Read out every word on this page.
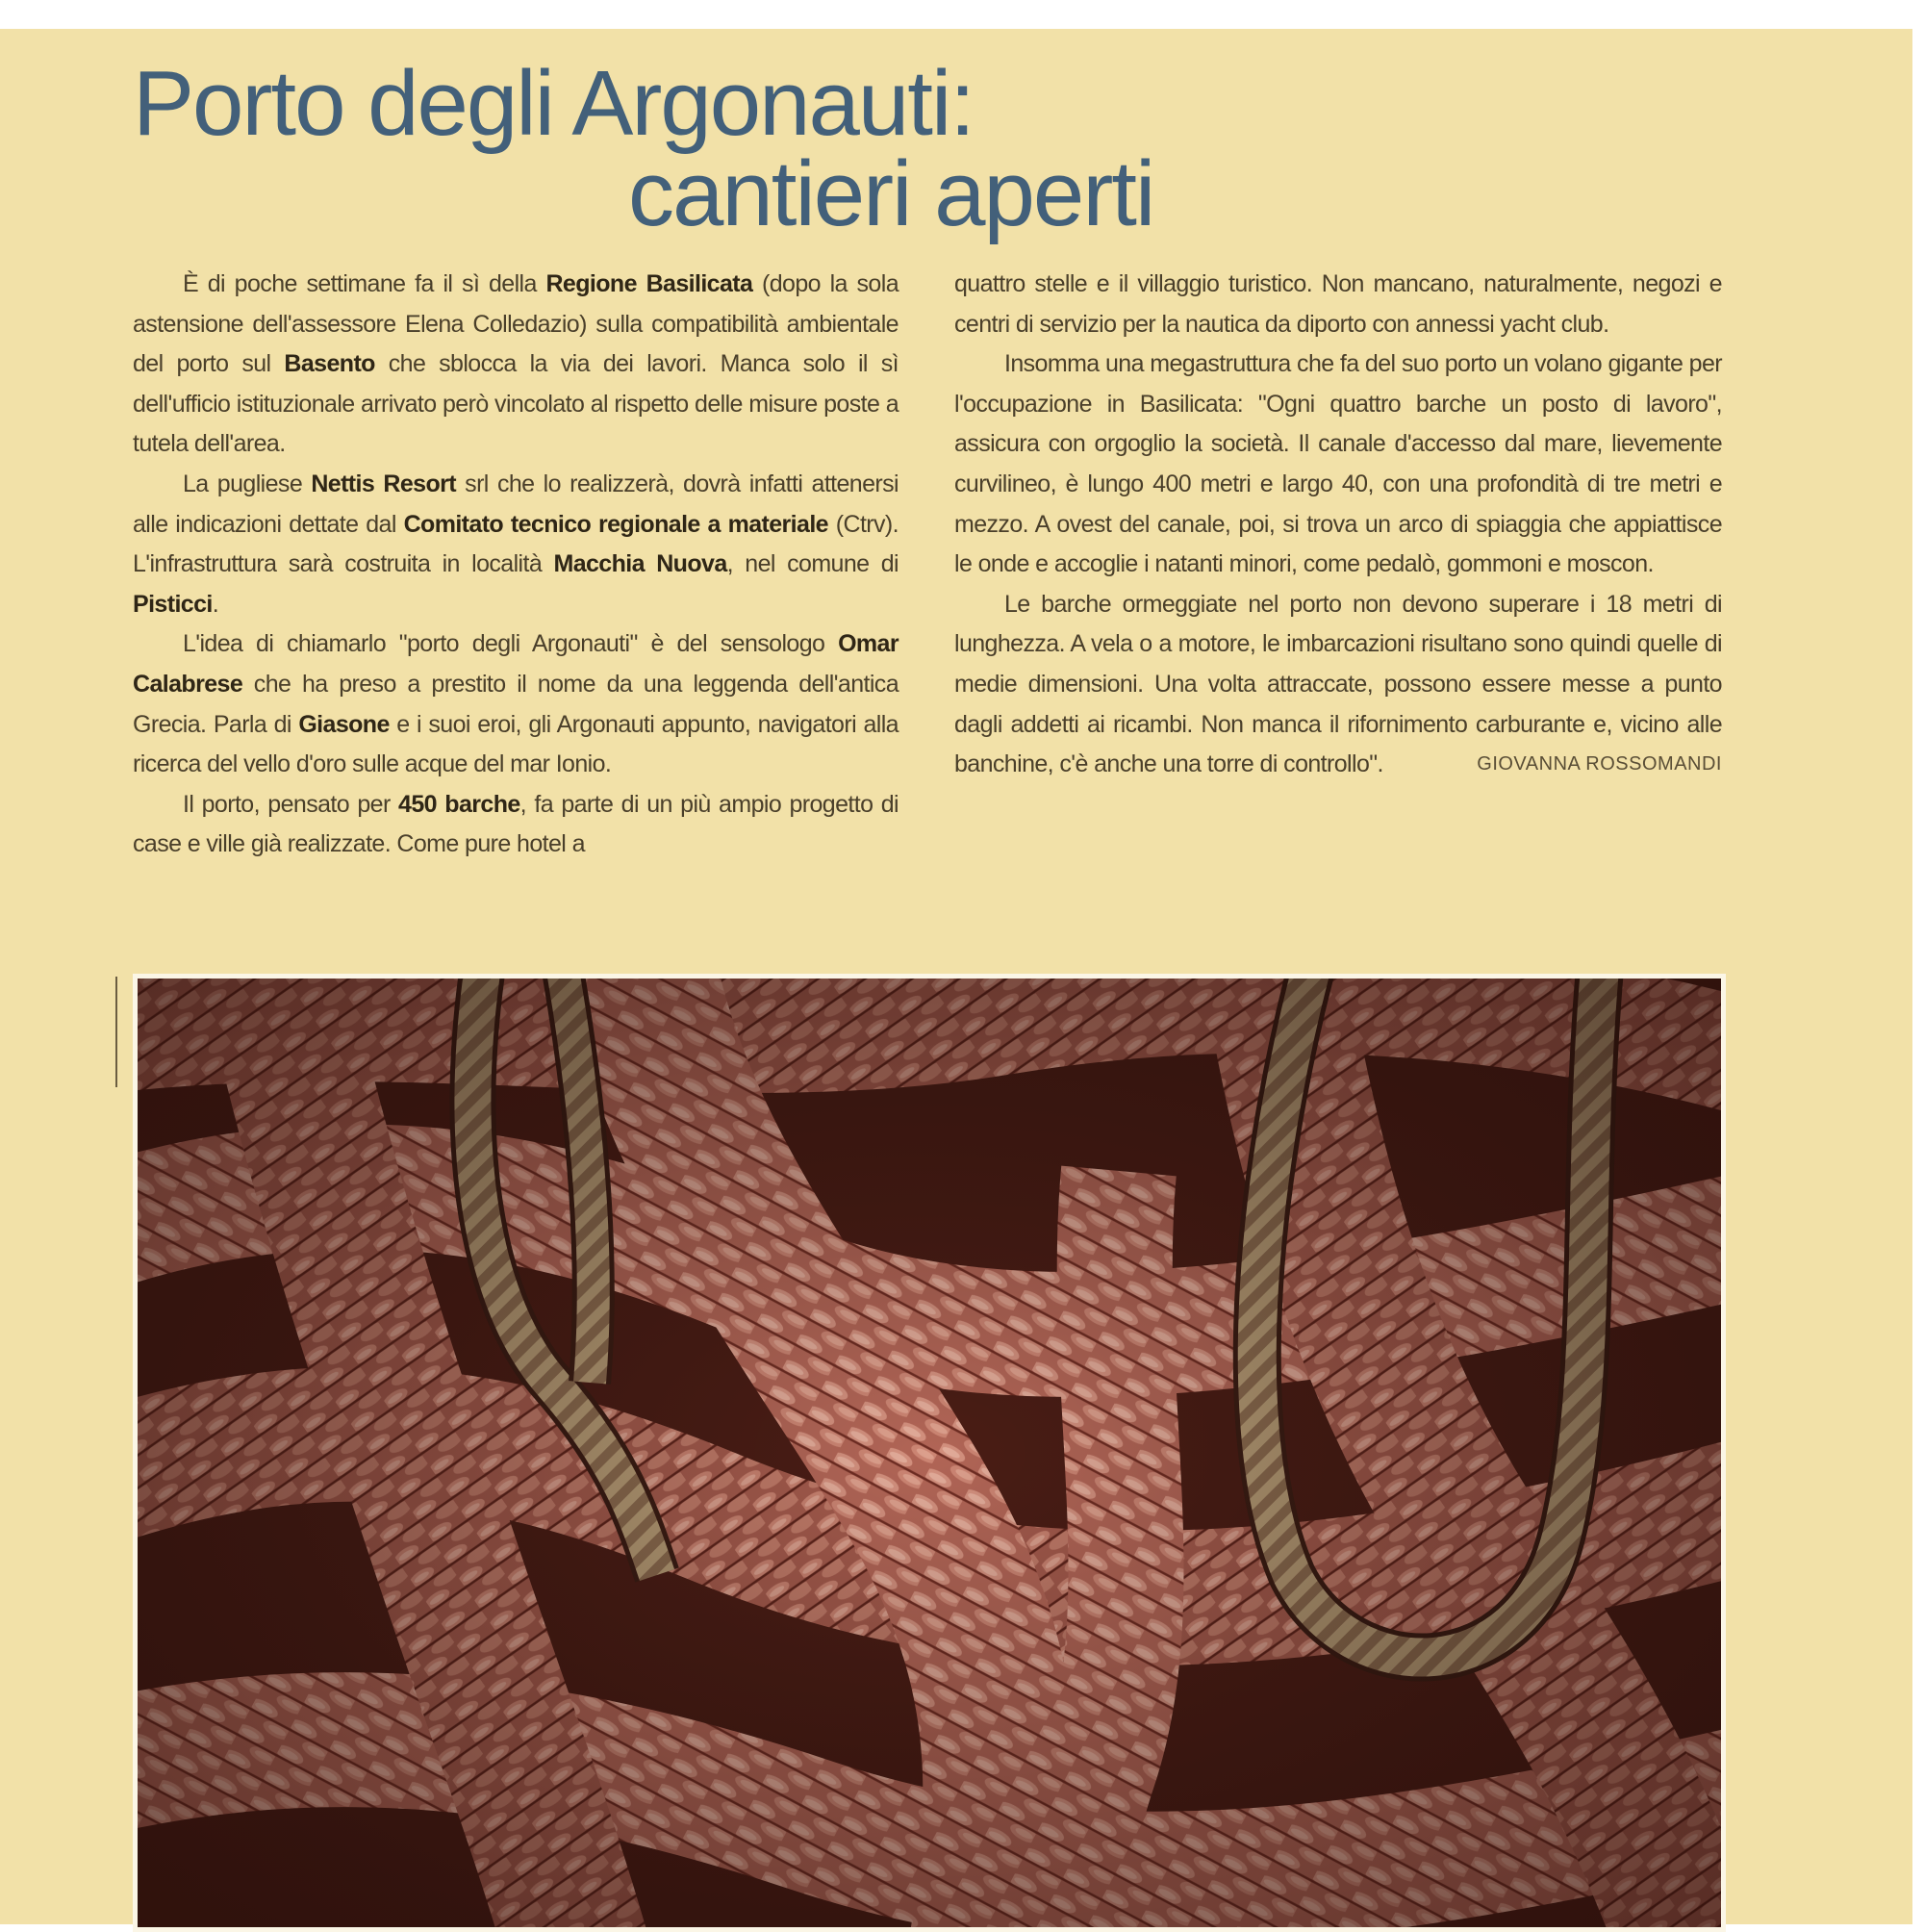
Porto degli Argonauti:
cantieri aperti

È di poche settimane fa il sì della Regione Basilicata (dopo la sola astensione dell'assessore Elena Colledazio) sulla compatibilità ambientale del porto sul Basento che sblocca la via dei lavori. Manca solo il sì dell'ufficio istituzionale arrivato però vincolato al rispetto delle misure poste a tutela dell'area.

La pugliese Nettis Resort srl che lo realizzerà, dovrà infatti attenersi alle indicazioni dettate dal Comitato tecnico regionale a materiale (Ctrv). L'infrastruttura sarà costruita in località Macchia Nuova, nel comune di Pisticci.

L'idea di chiamarlo "porto degli Argonauti" è del sensologo Omar Calabrese che ha preso a prestito il nome da una leggenda dell'antica Grecia. Parla di Giasone e i suoi eroi, gli Argonauti appunto, navigatori alla ricerca del vello d'oro sulle acque del mar Ionio.

Il porto, pensato per 450 barche, fa parte di un più ampio progetto di case e ville già realizzate. Come pure hotel a

quattro stelle e il villaggio turistico. Non mancano, naturalmente, negozi e centri di servizio per la nautica da diporto con annessi yacht club.

Insomma una megastruttura che fa del suo porto un volano gigante per l'occupazione in Basilicata: "Ogni quattro barche un posto di lavoro", assicura con orgoglio la società. Il canale d'accesso dal mare, lievemente curvilineo, è lungo 400 metri e largo 40, con una profondità di tre metri e mezzo. A ovest del canale, poi, si trova un arco di spiaggia che appiattisce le onde e accoglie i natanti minori, come pedalò, gommoni e moscon.

Le barche ormeggiate nel porto non devono superare i 18 metri di lunghezza. A vela o a motore, le imbarcazioni risultano sono quindi quelle di medie dimensioni. Una volta attraccate, possono essere messe a punto dagli addetti ai ricambi. Non manca il rifornimento carburante e, vicino alle banchine, c'è anche una torre di controllo".	GIOVANNA ROSSOMANDI
